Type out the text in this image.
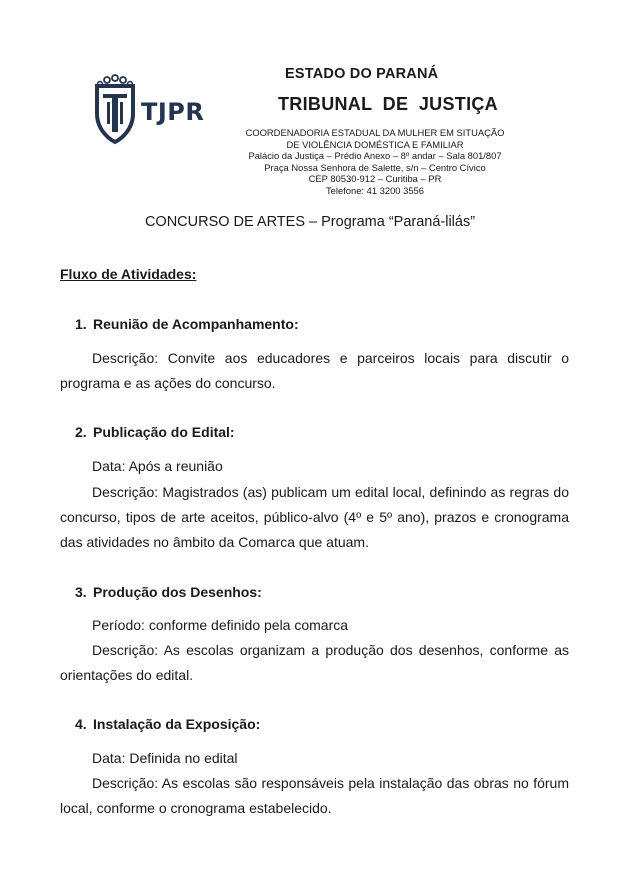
ESTADO DO PARANÁ
TJPR	TRIBUNAL  DE  JUSTIÇA
COORDENADORIA ESTADUAL DA MULHER EM SITUAÇÃO
DE VIOLÊNCIA DOMÉSTICA E FAMILIAR
Palácio da Justiça – Prédio Anexo – 8º andar – Sala 801/807
Praça Nossa Senhora de Salette, s/n – Centro Cívico
CEP 80530-912 – Curitiba – PR
Telefone: 41 3200 3556
CONCURSO DE ARTES – Programa “Paraná-lilás”
Fluxo de Atividades:
1. Reunião de Acompanhamento:
Descrição: Convite aos educadores e parceiros locais para discutir o programa e as ações do concurso.
2. Publicação do Edital:
Data: Após a reunião
Descrição: Magistrados (as) publicam um edital local, definindo as regras do concurso, tipos de arte aceitos, público-alvo (4º e 5º ano), prazos e cronograma das atividades no âmbito da Comarca que atuam.
3. Produção dos Desenhos:
Período: conforme definido pela comarca
Descrição: As escolas organizam a produção dos desenhos, conforme as orientações do edital.
4. Instalação da Exposição:
Data: Definida no edital
Descrição: As escolas são responsáveis pela instalação das obras no fórum local, conforme o cronograma estabelecido.
